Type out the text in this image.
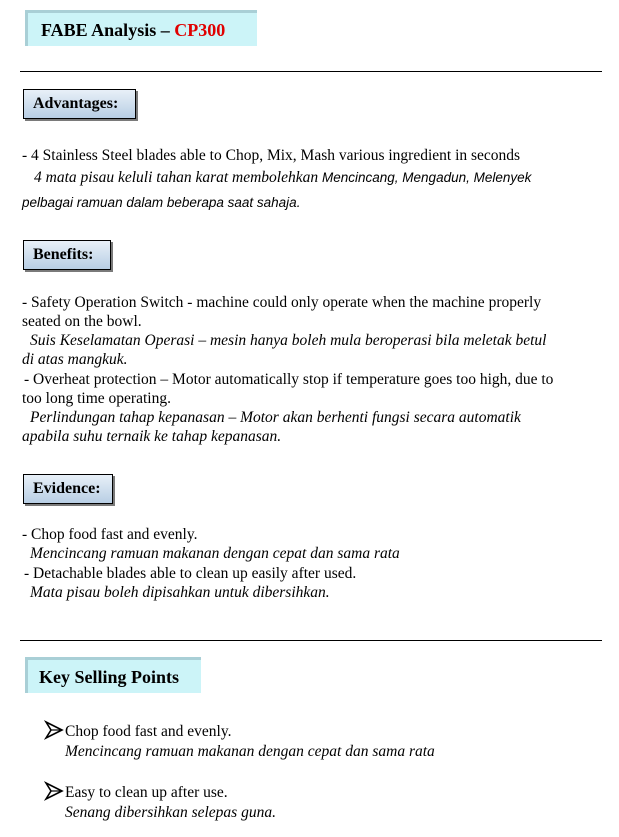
FABE Analysis – CP300
Advantages:
- 4 Stainless Steel blades able to Chop, Mix, Mash various ingredient in seconds
4 mata pisau keluli tahan karat membolehkan Mencincang, Mengadun, Melenyek
pelbagai ramuan dalam beberapa saat sahaja.
Benefits:
- Safety Operation Switch - machine could only operate when the machine properly
seated on the bowl.
Suis Keselamatan Operasi – mesin hanya boleh mula beroperasi bila meletak betul
di atas mangkuk.
- Overheat protection – Motor automatically stop if temperature goes too high, due to
too long time operating.
Perlindungan tahap kepanasan – Motor akan berhenti fungsi secara automatik
apabila suhu ternaik ke tahap kepanasan.
Evidence:
- Chop food fast and evenly.
Mencincang ramuan makanan dengan cepat dan sama rata
- Detachable blades able to clean up easily after used.
Mata pisau boleh dipisahkan untuk dibersihkan.
Key Selling Points
Chop food fast and evenly.
Mencincang ramuan makanan dengan cepat dan sama rata
Easy to clean up after use.
Senang dibersihkan selepas guna.
